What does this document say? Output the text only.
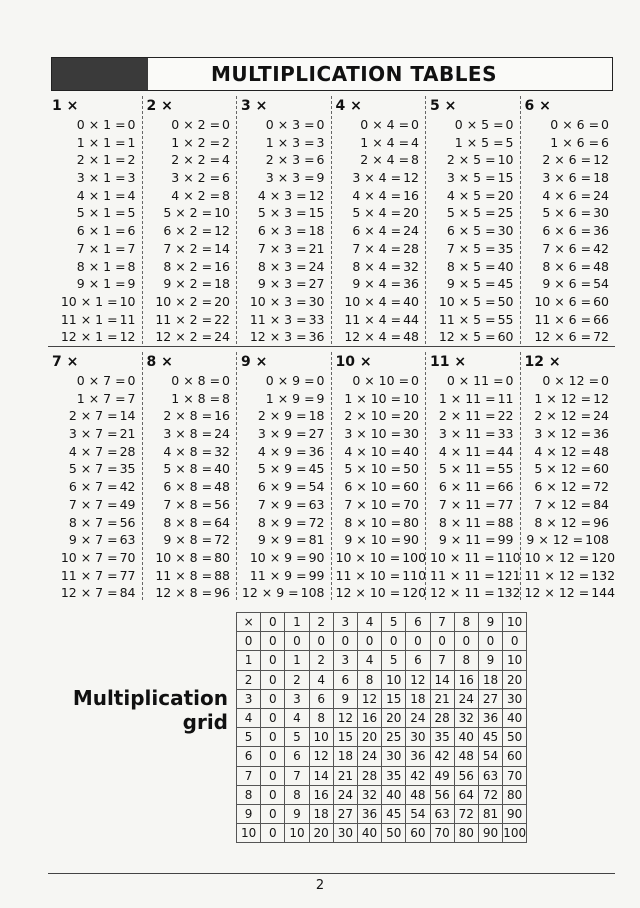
MULTIPLICATION TABLES
1 ×
0 × 1 = 0
1 × 1 = 1
2 × 1 = 2
3 × 1 = 3
4 × 1 = 4
5 × 1 = 5
6 × 1 = 6
7 × 1 = 7
8 × 1 = 8
9 × 1 = 9
10 × 1 = 10
11 × 1 = 11
12 × 1 = 12
2 ×
0 × 2 = 0
1 × 2 = 2
2 × 2 = 4
3 × 2 = 6
4 × 2 = 8
5 × 2 = 10
6 × 2 = 12
7 × 2 = 14
8 × 2 = 16
9 × 2 = 18
10 × 2 = 20
11 × 2 = 22
12 × 2 = 24
3 ×
0 × 3 = 0
1 × 3 = 3
2 × 3 = 6
3 × 3 = 9
4 × 3 = 12
5 × 3 = 15
6 × 3 = 18
7 × 3 = 21
8 × 3 = 24
9 × 3 = 27
10 × 3 = 30
11 × 3 = 33
12 × 3 = 36
4 ×
0 × 4 = 0
1 × 4 = 4
2 × 4 = 8
3 × 4 = 12
4 × 4 = 16
5 × 4 = 20
6 × 4 = 24
7 × 4 = 28
8 × 4 = 32
9 × 4 = 36
10 × 4 = 40
11 × 4 = 44
12 × 4 = 48
5 ×
0 × 5 = 0
1 × 5 = 5
2 × 5 = 10
3 × 5 = 15
4 × 5 = 20
5 × 5 = 25
6 × 5 = 30
7 × 5 = 35
8 × 5 = 40
9 × 5 = 45
10 × 5 = 50
11 × 5 = 55
12 × 5 = 60
6 ×
0 × 6 = 0
1 × 6 = 6
2 × 6 = 12
3 × 6 = 18
4 × 6 = 24
5 × 6 = 30
6 × 6 = 36
7 × 6 = 42
8 × 6 = 48
9 × 6 = 54
10 × 6 = 60
11 × 6 = 66
12 × 6 = 72
7 ×
0 × 7 = 0
1 × 7 = 7
2 × 7 = 14
3 × 7 = 21
4 × 7 = 28
5 × 7 = 35
6 × 7 = 42
7 × 7 = 49
8 × 7 = 56
9 × 7 = 63
10 × 7 = 70
11 × 7 = 77
12 × 7 = 84
8 ×
0 × 8 = 0
1 × 8 = 8
2 × 8 = 16
3 × 8 = 24
4 × 8 = 32
5 × 8 = 40
6 × 8 = 48
7 × 8 = 56
8 × 8 = 64
9 × 8 = 72
10 × 8 = 80
11 × 8 = 88
12 × 8 = 96
9 ×
0 × 9 = 0
1 × 9 = 9
2 × 9 = 18
3 × 9 = 27
4 × 9 = 36
5 × 9 = 45
6 × 9 = 54
7 × 9 = 63
8 × 9 = 72
9 × 9 = 81
10 × 9 = 90
11 × 9 = 99
12 × 9 = 108
10 ×
0 × 10 = 0
1 × 10 = 10
2 × 10 = 20
3 × 10 = 30
4 × 10 = 40
5 × 10 = 50
6 × 10 = 60
7 × 10 = 70
8 × 10 = 80
9 × 10 = 90
10 × 10 = 100
11 × 10 = 110
12 × 10 = 120
11 ×
0 × 11 = 0
1 × 11 = 11
2 × 11 = 22
3 × 11 = 33
4 × 11 = 44
5 × 11 = 55
6 × 11 = 66
7 × 11 = 77
8 × 11 = 88
9 × 11 = 99
10 × 11 = 110
11 × 11 = 121
12 × 11 = 132
12 ×
0 × 12 = 0
1 × 12 = 12
2 × 12 = 24
3 × 12 = 36
4 × 12 = 48
5 × 12 = 60
6 × 12 = 72
7 × 12 = 84
8 × 12 = 96
9 × 12 = 108
10 × 12 = 120
11 × 12 = 132
12 × 12 = 144
Multiplication
grid
×	0	1	2	3	4	5	6	7	8	9	10
0	0	0	0	0	0	0	0	0	0	0	0
1	0	1	2	3	4	5	6	7	8	9	10
2	0	2	4	6	8	10	12	14	16	18	20
3	0	3	6	9	12	15	18	21	24	27	30
4	0	4	8	12	16	20	24	28	32	36	40
5	0	5	10	15	20	25	30	35	40	45	50
6	0	6	12	18	24	30	36	42	48	54	60
7	0	7	14	21	28	35	42	49	56	63	70
8	0	8	16	24	32	40	48	56	64	72	80
9	0	9	18	27	36	45	54	63	72	81	90
10	0	10	20	30	40	50	60	70	80	90	100
2
